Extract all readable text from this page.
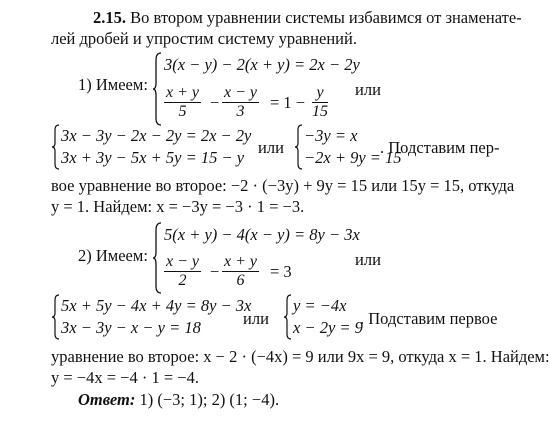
2.15. Во втором уравнении системы избавимся от знаменате-
лей дробей и упростим систему уравнений.
1) Имеем:
3(x − y) − 2(x + y) = 2x − 2y
$\frac{x + y}{5} - \frac{x - y}{3} = 1 - \frac{y}{15}$ или
3x − 3y − 2x − 2y = 2x − 2y
3x + 3y − 5x + 5y = 15 − y
или
−3y = x
−2x + 9y = 15
. Подставим пер-
вое уравнение во второе: −2 · (−3y) + 9y = 15 или 15y = 15, откуда
y = 1. Найдем: x = −3y = −3 · 1 = −3.
2) Имеем:
5(x + y) − 4(x − y) = 8y − 3x
$\frac{x - y}{2} - \frac{x + y}{6} = 3$
или
5x + 5y − 4x + 4y = 8y − 3x
3x − 3y − x − y = 18	или
y = −4x
x − 2y = 9
. Подставим первое
уравнение во второе: x − 2 · (−4x) = 9 или 9x = 9, откуда x = 1. Найдем:
y = −4x = −4 · 1 = −4.
Ответ: 1) (−3; 1); 2) (1; −4).
